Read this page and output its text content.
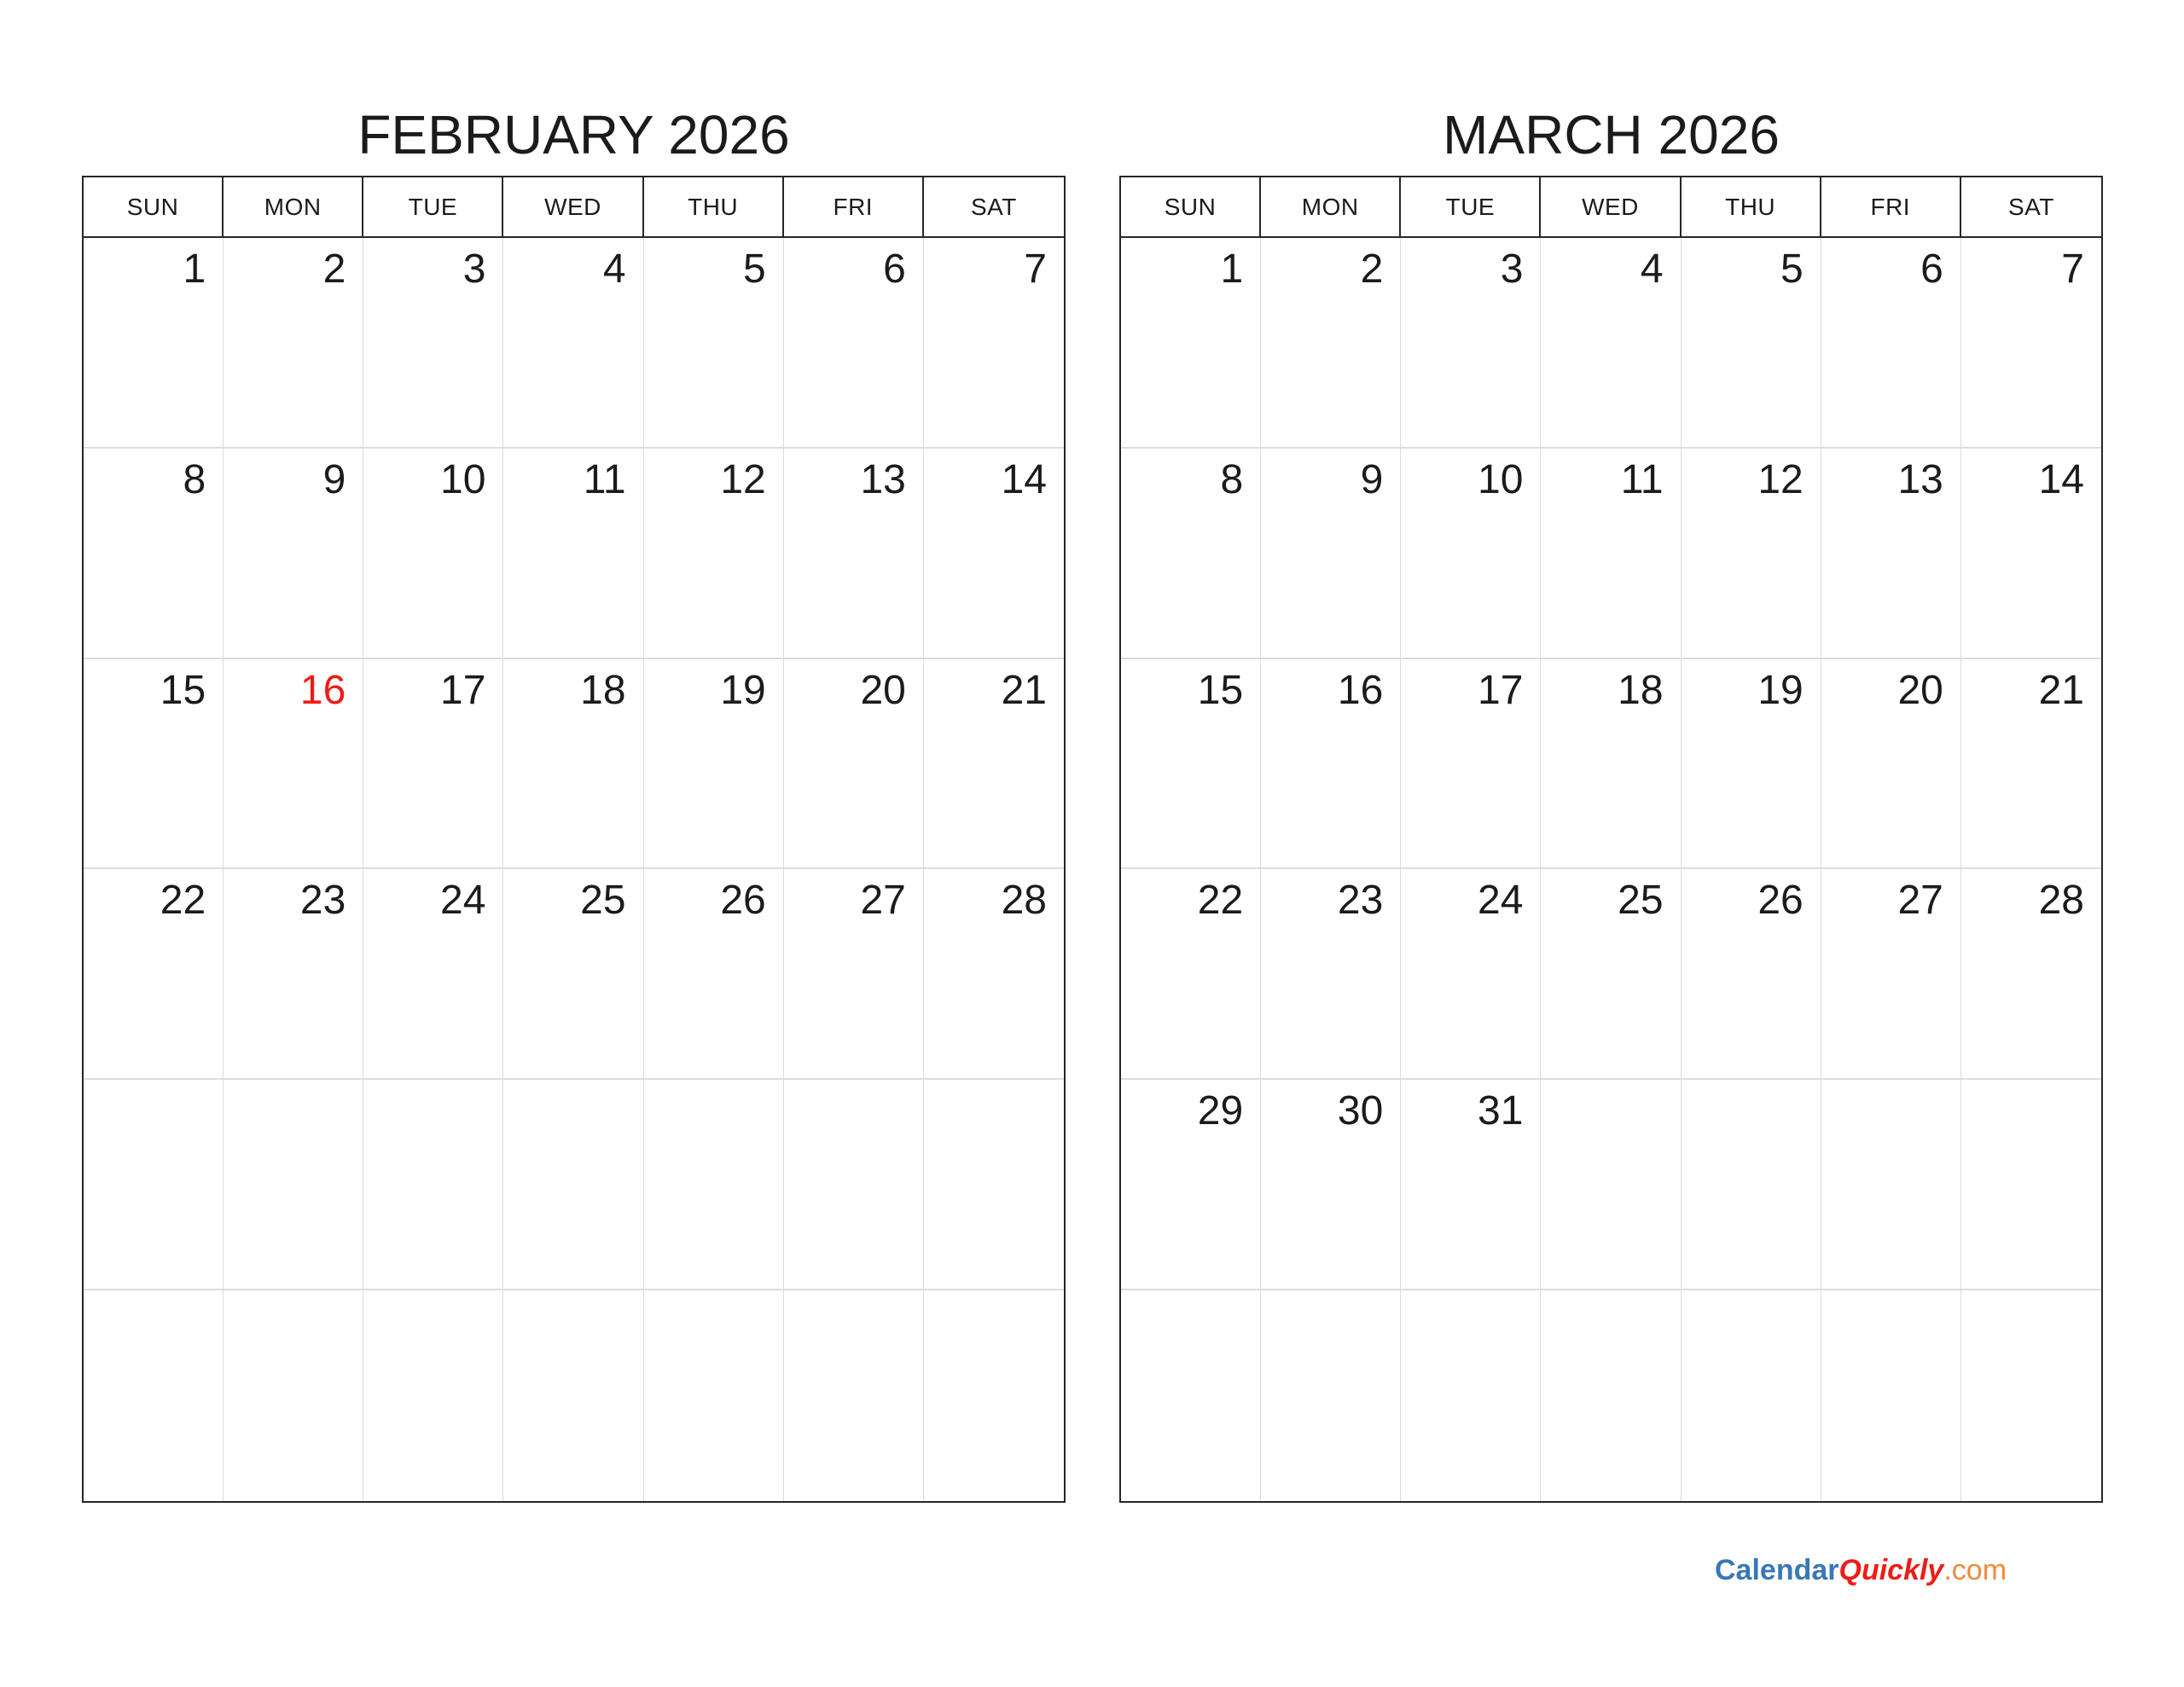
FEBRUARY 2026
SUN	MON	TUE	WED	THU	FRI	SAT
1	2	3	4	5	6	7
8	9	10	11	12	13	14
15	16	17	18	19	20	21
22	23	24	25	26	27	28
MARCH 2026
SUN	MON	TUE	WED	THU	FRI	SAT
1	2	3	4	5	6	7
8	9	10	11	12	13	14
15	16	17	18	19	20	21
22	23	24	25	26	27	28
29	30	31
CalendarQuickly.com
